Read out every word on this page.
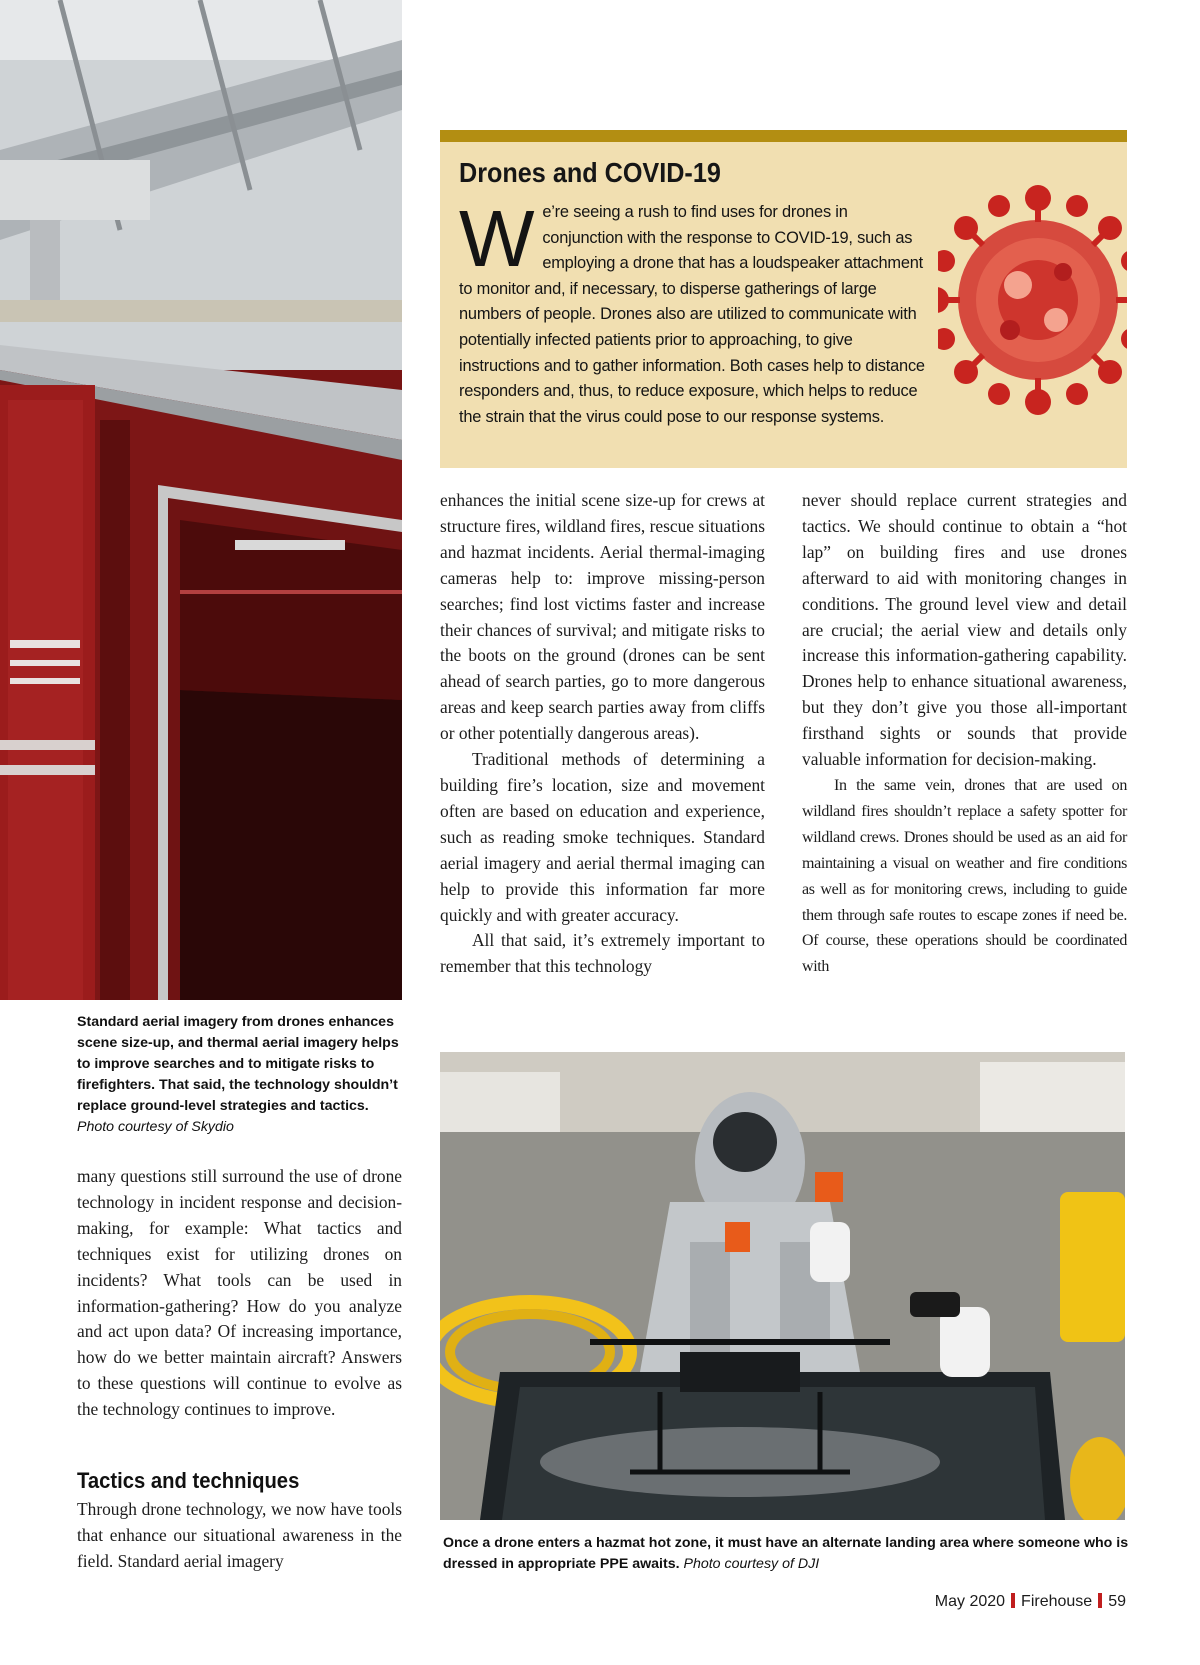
Standard aerial imagery from drones enhances scene size-up, and thermal aerial imagery helps to improve searches and to mitigate risks to firefighters. That said, the technology shouldn’t replace ground-level strategies and tactics. Photo courtesy of Skydio

many questions still surround the use of drone technology in incident response and decision-making, for example: What tactics and techniques exist for utilizing drones on incidents? What tools can be used in information-gathering? How do you analyze and act upon data? Of increasing importance, how do we better maintain aircraft? Answers to these questions will continue to evolve as the technology continues to improve.

Tactics and techniques

Through drone technology, we now have tools that enhance our situational awareness in the field. Standard aerial imagery

Drones and COVID-19

We’re seeing a rush to find uses for drones in conjunction with the response to COVID-19, such as employing a drone that has a loudspeaker attachment to monitor and, if necessary, to disperse gatherings of large numbers of people. Drones also are utilized to communicate with potentially infected patients prior to approaching, to give instructions and to gather information. Both cases help to distance responders and, thus, to reduce exposure, which helps to reduce the strain that the virus could pose to our response systems.

enhances the initial scene size-up for crews at structure fires, wildland fires, rescue situations and hazmat incidents. Aerial thermal-imaging cameras help to: improve missing-person searches; find lost victims faster and increase their chances of survival; and mitigate risks to the boots on the ground (drones can be sent ahead of search parties, go to more dangerous areas and keep search parties away from cliffs or other potentially dangerous areas).

Traditional methods of determining a building fire’s location, size and movement often are based on education and experience, such as reading smoke techniques. Standard aerial imagery and aerial thermal imaging can help to provide this information far more quickly and with greater accuracy.

All that said, it’s extremely important to remember that this technology

never should replace current strategies and tactics. We should continue to obtain a “hot lap” on building fires and use drones afterward to aid with monitoring changes in conditions. The ground level view and detail are crucial; the aerial view and details only increase this information-gathering capability. Drones help to enhance situational awareness, but they don’t give you those all-important firsthand sights or sounds that provide valuable information for decision-making.

In the same vein, drones that are used on wildland fires shouldn’t replace a safety spotter for wildland crews. Drones should be used as an aid for maintaining a visual on weather and fire conditions as well as for monitoring crews, including to guide them through safe routes to escape zones if need be. Of course, these operations should be coordinated with

Once a drone enters a hazmat hot zone, it must have an alternate landing area where someone who is dressed in appropriate PPE awaits. Photo courtesy of DJI
May 2020 Firehouse 59
